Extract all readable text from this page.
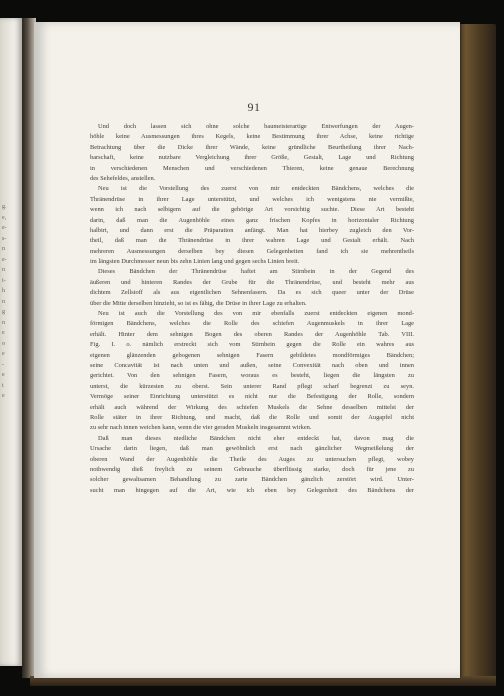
g.
e,
e-
s-
n
e-
n
t-
h
n
g
n
e
o
e
-
e
t
e
91
Und doch lassen sich ohne solche baumeisterartige Entwerfungen der Augen-
höhle keine Ausmessungen ihres Kegels, keine Bestimmung ihrer Achse, keine richtige
Betrachtung über die Dicke ihrer Wände, keine gründliche Beurtheilung ihrer Nach-
barschaft, keine nutzbare Vergleichung ihrer Größe, Gestalt, Lage und Richtung
in verschiedenen Menschen und verschiedenen Thieren, keine genaue Berechnung
des Sehefeldes, anstellen.
Neu ist die Vorstellung des zuerst von mir entdeckten Bändchens, welches die
Thränendrüse in ihrer Lage unterstützt, und welches ich wenigstens nie vermißte,
wenn ich nach selbigem auf die gehörige Art vorsichtig suchte. Diese Art besteht
darin, daß man die Augenhöhle eines ganz frischen Kopfes in horizontaler Richtung
halbirt, und dann erst die Präparation anfängt. Man hat hierbey zugleich den Vor-
theil, daß man die Thränendrüse in ihrer wahren Lage und Gestalt erhält. Nach
mehreren Ausmessungen derselben bey diesen Gelegenheiten fand ich sie mehrentheils
im längsten Durchmesser neun bis zehn Linien lang und gegen sechs Linien breit.
Dieses Bändchen der Thränendrüse haftet am Stirnbein in der Gegend des
äußeren und hinteren Randes der Grube für die Thränendrüse, und besteht mehr aus
dichtem Zellstoff als aus eigentlichen Sehnenfasern. Da es sich queer unter der Drüse
über die Mitte derselben hinzieht, so ist es fähig, die Drüse in ihrer Lage zu erhalten.
Neu ist auch die Vorstellung des von mir ebenfalls zuerst entdeckten eigenen mond-
förmigen Bändchens, welches die Rolle des schiefen Augenmuskels in ihrer Lage
erhält. Hinter dem sehnigen Bogen des oberen Randes der Augenhöhle Tab. VIII.
Fig. I. o. nämlich erstreckt sich vom Stirnbein gegen die Rolle ein wahres aus
eigenen glänzenden gebogenen sehnigen Fasern gebildetes mondförmiges Bändchen;
seine Concavität ist nach unten und außen, seine Convexität nach oben und innen
gerichtet. Von den sehnigen Fasern, woraus es besteht, liegen die längsten zu
unterst, die kürzesten zu oberst. Sein unterer Rand pflegt scharf begrenzt zu seyn.
Vermöge seiner Einrichtung unterstützt es nicht nur die Befestigung der Rolle, sondern
erhält auch während der Wirkung des schiefen Muskels die Sehne desselben mittelst der
Rolle stäter in ihrer Richtung, und macht, daß die Rolle und somit der Augapfel nicht
zu sehr nach innen weichen kann, wenn die vier geraden Muskeln insgesammt wirken.
Daß man dieses niedliche Bändchen nicht eher entdeckt hat, davon mag die
Ursache darin liegen, daß man gewöhnlich erst nach gänzlicher Wegmeißelung der
oberen Wand der Augenhöhle die Theile des Auges zu untersuchen pflegt, wobey
nothwendig dieß freylich zu seinem Gebrauche überflüssig starke, doch für jene zu
solcher gewaltsamen Behandlung zu zarte Bändchen gänzlich zerstört wird. Unter-
sucht man hingegen auf die Art, wie ich eben bey Gelegenheit des Bändchens der
